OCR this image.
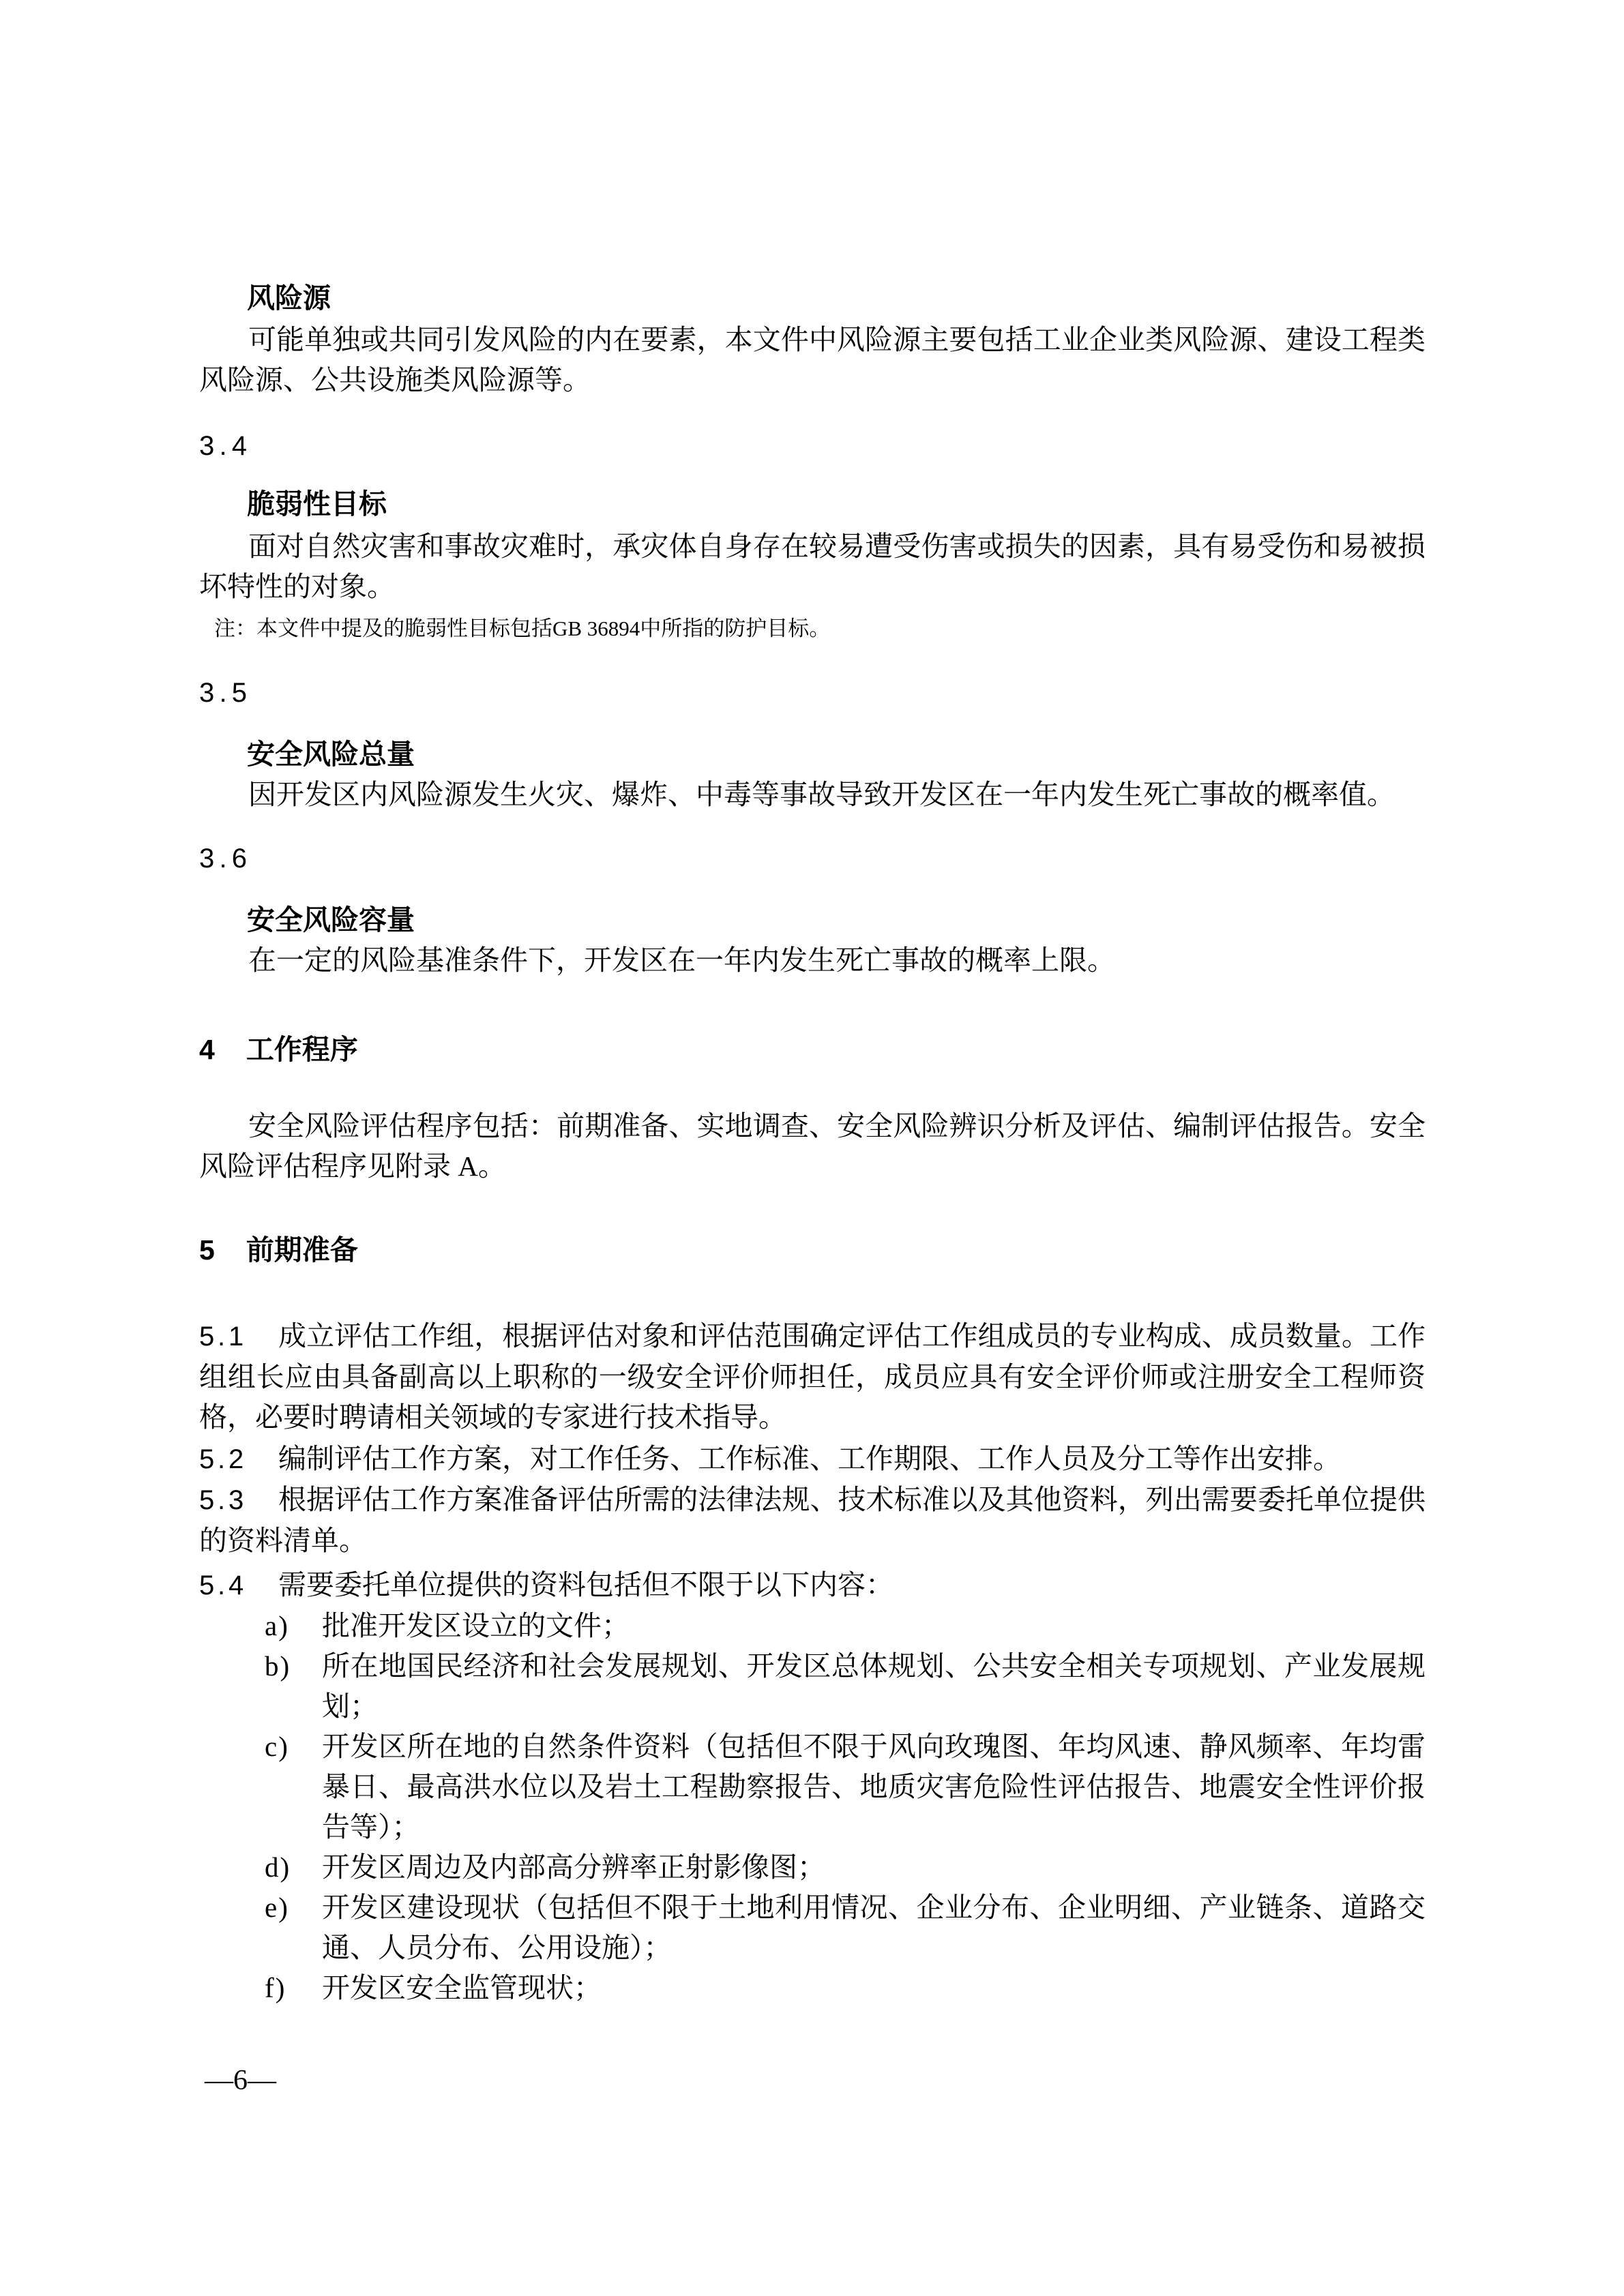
风险源

可能单独或共同引发风险的内在要素，本文件中风险源主要包括工业企业类风险源、建设工程类风险源、公共设施类风险源等。

3.4
脆弱性目标

面对自然灾害和事故灾难时，承灾体自身存在较易遭受伤害或损失的因素，具有易受伤和易被损坏特性的对象。

注：本文件中提及的脆弱性目标包括GB 36894中所指的防护目标。
3.5
安全风险总量

因开发区内风险源发生火灾、爆炸、中毒等事故导致开发区在一年内发生死亡事故的概率值。

3.6
安全风险容量

在一定的风险基准条件下，开发区在一年内发生死亡事故的概率上限。

4 工作程序

安全风险评估程序包括：前期准备、实地调查、安全风险辨识分析及评估、编制评估报告。安全风险评估程序见附录 A。

5 前期准备

5.1 成立评估工作组，根据评估对象和评估范围确定评估工作组成员的专业构成、成员数量。工作组组长应由具备副高以上职称的一级安全评价师担任，成员应具有安全评价师或注册安全工程师资格，必要时聘请相关领域的专家进行技术指导。

5.2 编制评估工作方案，对工作任务、工作标准、工作期限、工作人员及分工等作出安排。

5.3 根据评估工作方案准备评估所需的法律法规、技术标准以及其他资料，列出需要委托单位提供的资料清单。

5.4 需要委托单位提供的资料包括但不限于以下内容：

a) 批准开发区设立的文件；

b) 所在地国民经济和社会发展规划、开发区总体规划、公共安全相关专项规划、产业发展规划；

c) 开发区所在地的自然条件资料（包括但不限于风向玫瑰图、年均风速、静风频率、年均雷暴日、最高洪水位以及岩土工程勘察报告、地质灾害危险性评估报告、地震安全性评价报告等）；

d) 开发区周边及内部高分辨率正射影像图；

e) 开发区建设现状（包括但不限于土地利用情况、企业分布、企业明细、产业链条、道路交通、人员分布、公用设施）；

f) 开发区安全监管现状；

—6—
